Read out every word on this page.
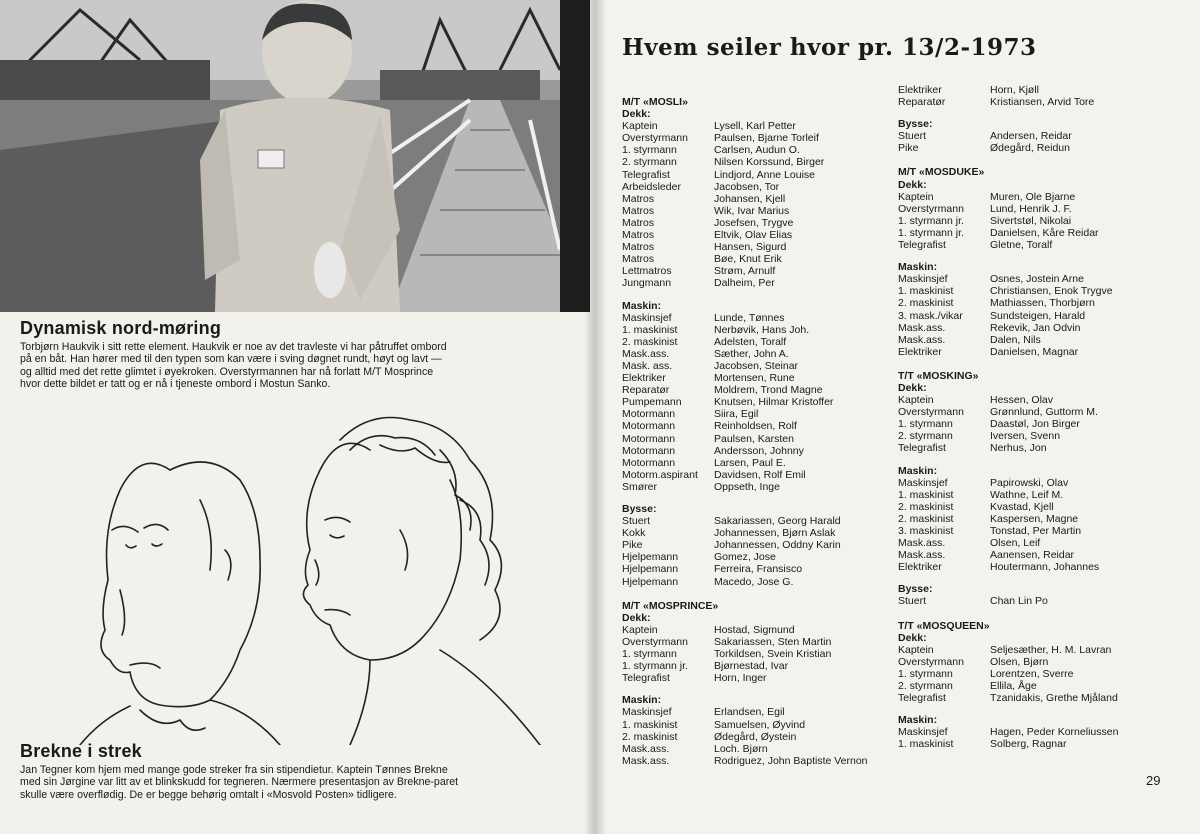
Dynamisk nord-møring
Torbjørn Haukvik i sitt rette element. Haukvik er noe av det travleste vi har påtruffet ombord
på en båt. Han hører med til den typen som kan være i sving døgnet rundt, høyt og lavt —
og alltid med det rette glimtet i øyekroken. Overstyrmannen har nå forlatt M/T Mosprince
hvor dette bildet er tatt og er nå i tjeneste ombord i Mostun Sanko.
Brekne i strek
Jan Tegner kom hjem med mange gode streker fra sin stipendietur. Kaptein Tønnes Brekne
med sin Jørgine var litt av et blinkskudd for tegneren. Nærmere presentasjon av Brekne-paret
skulle være overflødig. De er begge behørig omtalt i «Mosvold Posten» tidligere.
Hvem seiler hvor pr. 13/2-1973
M/T «MOSLI»
Dekk:
Kaptein	Lysell, Karl Petter
Overstyrmann	Paulsen, Bjarne Torleif
1. styrmann	Carlsen, Audun O.
2. styrmann	Nilsen Korssund, Birger
Telegrafist	Lindjord, Anne Louise
Arbeidsleder	Jacobsen, Tor
Matros	Johansen, Kjell
Matros	Wik, Ivar Marius
Matros	Josefsen, Trygve
Matros	Eltvik, Olav Elias
Matros	Hansen, Sigurd
Matros	Bøe, Knut Erik
Lettmatros	Strøm, Arnulf
Jungmann	Dalheim, Per
Maskin:
Maskinsjef	Lunde, Tønnes
1. maskinist	Nerbøvik, Hans Joh.
2. maskinist	Adelsten, Toralf
Mask.ass.	Sæther, John A.
Mask. ass.	Jacobsen, Steinar
Elektriker	Mortensen, Rune
Reparatør	Moldrem, Trond Magne
Pumpemann	Knutsen, Hilmar Kristoffer
Motormann	Siira, Egil
Motormann	Reinholdsen, Rolf
Motormann	Paulsen, Karsten
Motormann	Andersson, Johnny
Motormann	Larsen, Paul E.
Motorm.aspirant	Davidsen, Rolf Emil
Smører	Oppseth, Inge
Bysse:
Stuert	Sakariassen, Georg Harald
Kokk	Johannessen, Bjørn Aslak
Pike	Johannessen, Oddny Karin
Hjelpemann	Gomez, Jose
Hjelpemann	Ferreira, Fransisco
Hjelpemann	Macedo, Jose G.
M/T «MOSPRINCE»
Dekk:
Kaptein	Hostad, Sigmund
Overstyrmann	Sakariassen, Sten Martin
1. styrmann	Torkildsen, Svein Kristian
1. styrmann jr.	Bjørnestad, Ivar
Telegrafist	Horn, Inger
Maskin:
Maskinsjef	Erlandsen, Egil
1. maskinist	Samuelsen, Øyvind
2. maskinist	Ødegård, Øystein
Mask.ass.	Loch. Bjørn
Mask.ass.	Rodriguez, John Baptiste Vernon
Elektriker	Horn, Kjøll
Reparatør	Kristiansen, Arvid Tore
Bysse:
Stuert	Andersen, Reidar
Pike	Ødegård, Reidun
M/T «MOSDUKE»
Dekk:
Kaptein	Muren, Ole Bjarne
Overstyrmann	Lund, Henrik J. F.
1. styrmann jr.	Sivertstøl, Nikolai
1. styrmann jr.	Danielsen, Kåre Reidar
Telegrafist	Gletne, Toralf
Maskin:
Maskinsjef	Osnes, Jostein Arne
1. maskinist	Christiansen, Enok Trygve
2. maskinist	Mathiassen, Thorbjørn
3. mask./vikar	Sundsteigen, Harald
Mask.ass.	Rekevik, Jan Odvin
Mask.ass.	Dalen, Nils
Elektriker	Danielsen, Magnar
T/T «MOSKING»
Dekk:
Kaptein	Hessen, Olav
Overstyrmann	Grønnlund, Guttorm M.
1. styrmann	Daastøl, Jon Birger
2. styrmann	Iversen, Svenn
Telegrafist	Nerhus, Jon
Maskin:
Maskinsjef	Papirowski, Olav
1. maskinist	Wathne, Leif M.
2. maskinist	Kvastad, Kjell
2. maskinist	Kaspersen, Magne
3. maskinist	Tonstad, Per Martin
Mask.ass.	Olsen, Leif
Mask.ass.	Aanensen, Reidar
Elektriker	Houtermann, Johannes
Bysse:
Stuert	Chan Lin Po
T/T «MOSQUEEN»
Dekk:
Kaptein	Seljesæther, H. M. Lavran
Overstyrmann	Olsen, Bjørn
1. styrmann	Lorentzen, Sverre
2. styrmann	Ellila, Åge
Telegrafist	Tzanidakis, Grethe Mjåland
Maskin:
Maskinsjef	Hagen, Peder Korneliussen
1. maskinist	Solberg, Ragnar
29
